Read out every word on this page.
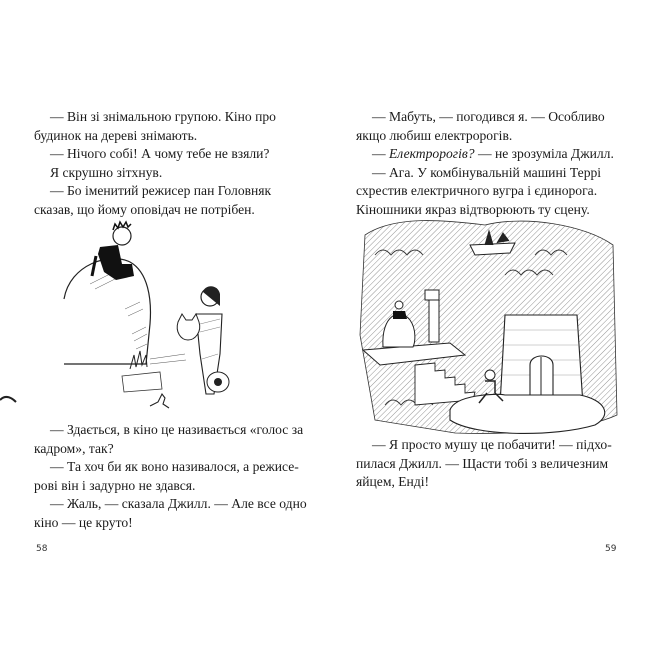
— Він зі знімальною групою. Кіно про
будинок на дереві знімають.
— Нічого собі! А чому тебе не взяли?
Я скрушно зітхнув.
— Бо іменитий режисер пан Головняк
сказав, що йому оповідач не потрібен.
— Здається, в кіно це називається «голос за
кадром», так?
— Та хоч би як воно називалося, а режисе-
рові він і задурно не здався.
— Жаль, — сказала Джилл. — Але все одно
кіно — це круто!
58
— Мабуть, — погодився я. — Особливо
якщо любиш електророгів.
— Електророгів? — не зрозуміла Джилл.
— Ага. У комбінувальній машині Террі
схрестив електричного вугра і єдинорога.
Кіношники якраз відтворюють ту сцену.
— Я просто мушу це побачити! — підхо-
пилася Джилл. — Щасти тобі з величезним
яйцем, Енді!
59
